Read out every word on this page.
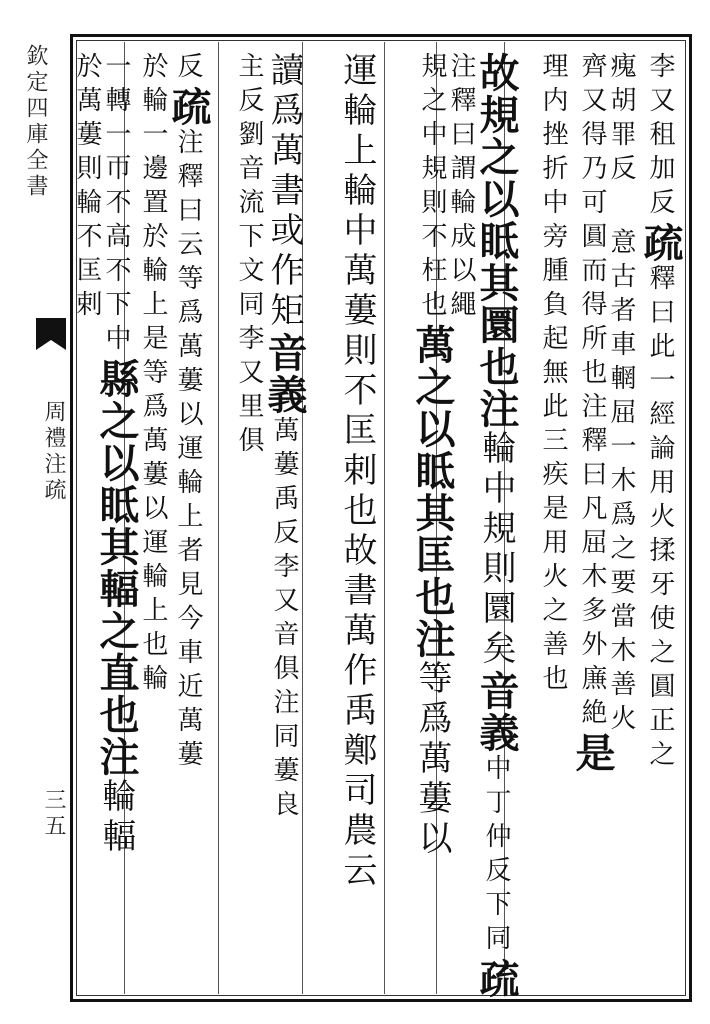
欽定四庫全書
周禮注疏
三五
李又租加反疏釋曰此一經論用火揉牙使之圓正之
瘣胡罪反　意古者車輞屈一木爲之要當木善火
齊又得乃可圓而得所也注釋曰凡屈木多外㢘絶是
理内挫折中旁腫負起無此三疾是用火之善也
故規之以眡其圜也注輪中規則圜矣音義中丁仲反下同疏
注釋曰謂輪成以繩
規之中規則不枉也萬之以眡其匡也注等爲萬蔞以
運輪上輪中萬蔞則不匡剌也故書萬作禹鄭司農云
讀爲萬書或作矩音義萬蔞禹反李又音俱注同蔞良
主反劉音流下文同李又里俱
反疏注釋曰云等爲萬蔞以運輪上者見今車近萬蔞
於輪一邊置於輪上是等爲萬蔞以運輪上也輪
一轉一帀不高不下中縣之以眡其輻之直也注輪輻
於萬蔞則輪不匡剌
